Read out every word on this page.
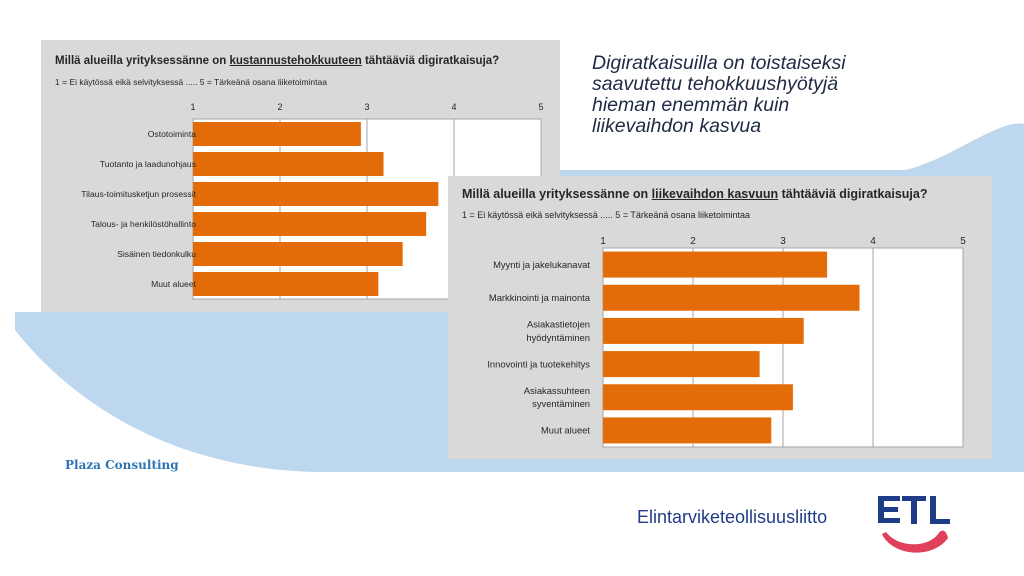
Millä alueilla yrityksessänne on kustannustehokkuuteen tähtääviä digiratkaisuja?
1 = Ei käytössä eikä selvityksessä ..... 5 = Tärkeänä osana liiketoimintaa
1	2	3	4	5
Ostotoiminta
Tuotanto ja laadunohjaus
Tilaus-toimitusketjun prosessit
Talous- ja henkilöstöhallinto
Sisäinen tiedonkulku
Muut alueet
Millä alueilla yrityksessänne on liikevaihdon kasvuun tähtääviä digiratkaisuja?
1 = Ei käytössä eikä selvityksessä ..... 5 = Tärkeänä osana liiketoimintaa
1	2	3	4	5
Myynti ja jakelukanavat
Markkinointi ja mainonta
Asiakastietojen hyödyntäminen
Innovointi ja tuotekehitys
Asiakassuhteen syventäminen
Muut alueet
Digiratkaisuilla on toistaiseksi
saavutettu tehokkuushyötyjä
hieman enemmän kuin
liikevaihdon kasvua
Plaza Consulting
Elintarviketeollisuusliitto
